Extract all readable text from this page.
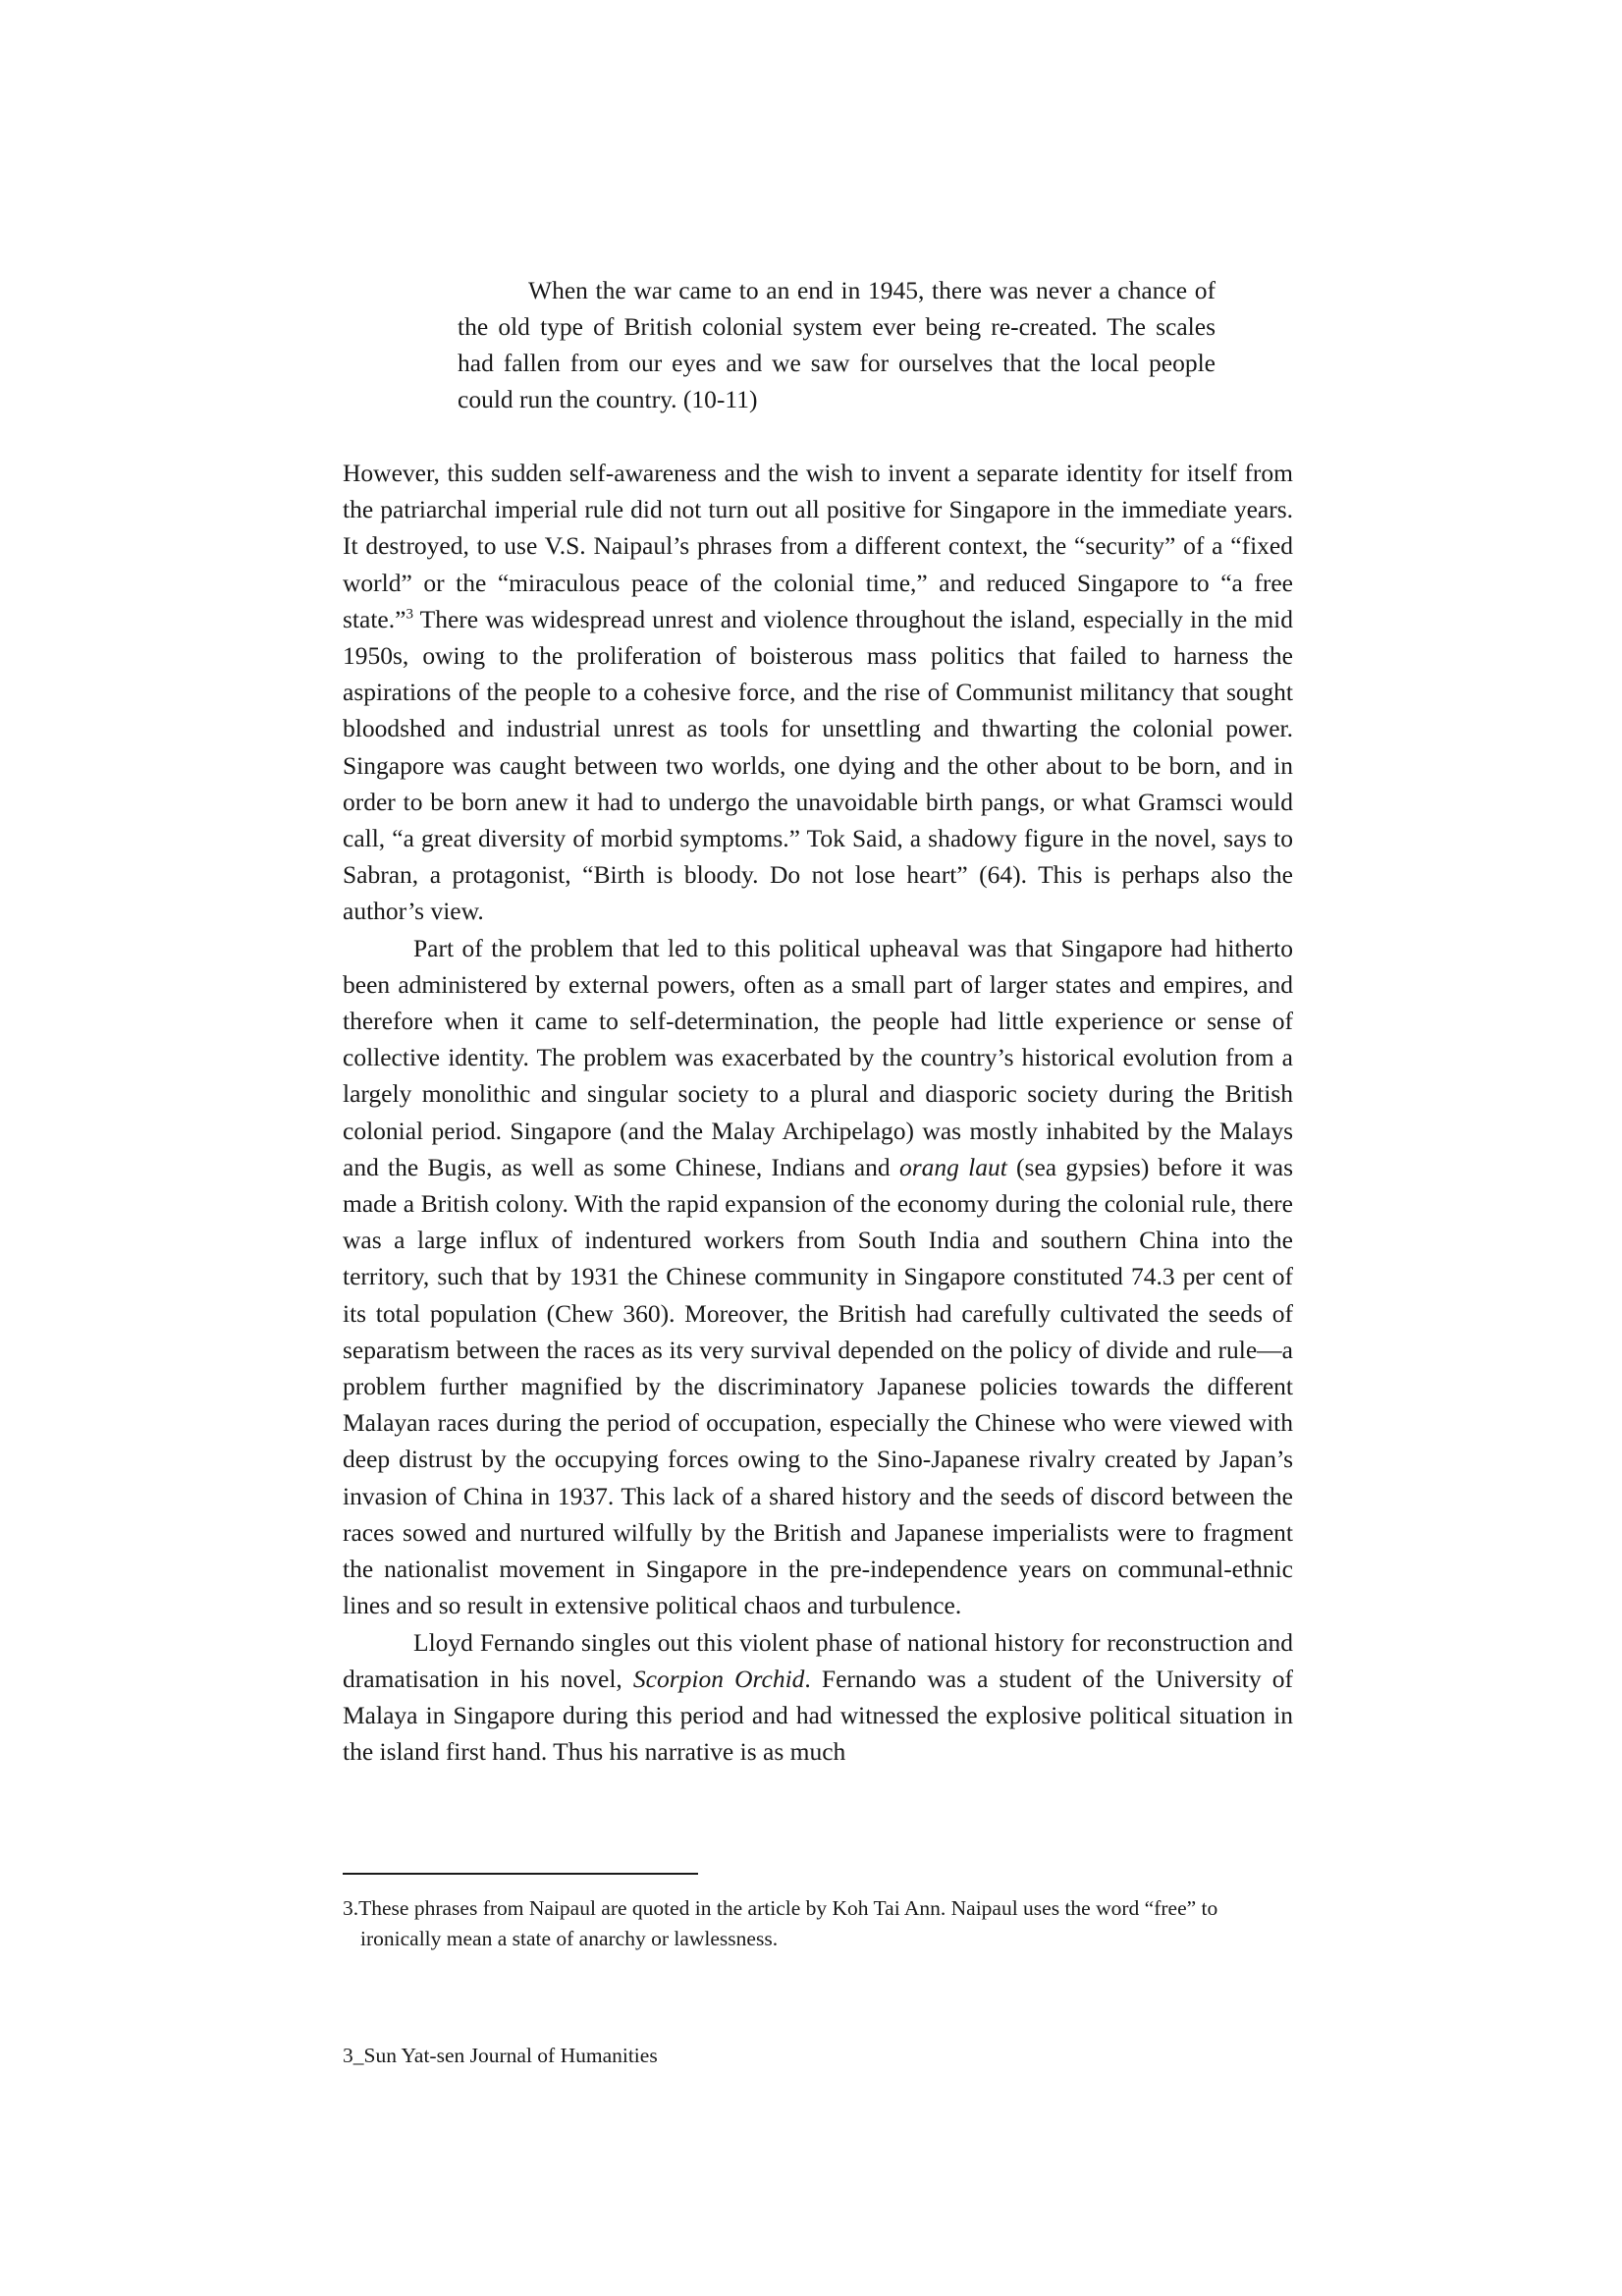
When the war came to an end in 1945, there was never a chance of the old type of British colonial system ever being re-created. The scales had fallen from our eyes and we saw for ourselves that the local people could run the country. (10-11)

However, this sudden self-awareness and the wish to invent a separate identity for itself from the patriarchal imperial rule did not turn out all positive for Singapore in the immediate years. It destroyed, to use V.S. Naipaul’s phrases from a different context, the “security” of a “fixed world” or the “miraculous peace of the colonial time,” and reduced Singapore to “a free state.”$^3$ There was widespread unrest and violence throughout the island, especially in the mid 1950s, owing to the proliferation of boisterous mass politics that failed to harness the aspirations of the people to a cohesive force, and the rise of Communist militancy that sought bloodshed and industrial unrest as tools for unsettling and thwarting the colonial power. Singapore was caught between two worlds, one dying and the other about to be born, and in order to be born anew it had to undergo the unavoidable birth pangs, or what Gramsci would call, “a great diversity of morbid symptoms.” Tok Said, a shadowy figure in the novel, says to Sabran, a protagonist, “Birth is bloody. Do not lose heart” (64). This is perhaps also the author’s view.

Part of the problem that led to this political upheaval was that Singapore had hitherto been administered by external powers, often as a small part of larger states and empires, and therefore when it came to self-determination, the people had little experience or sense of collective identity. The problem was exacerbated by the country’s historical evolution from a largely monolithic and singular society to a plural and diasporic society during the British colonial period. Singapore (and the Malay Archipelago) was mostly inhabited by the Malays and the Bugis, as well as some Chinese, Indians and orang laut (sea gypsies) before it was made a British colony. With the rapid expansion of the economy during the colonial rule, there was a large influx of indentured workers from South India and southern China into the territory, such that by 1931 the Chinese community in Singapore constituted 74.3 per cent of its total population (Chew 360). Moreover, the British had carefully cultivated the seeds of separatism between the races as its very survival depended on the policy of divide and rule—a problem further magnified by the discriminatory Japanese policies towards the different Malayan races during the period of occupation, especially the Chinese who were viewed with deep distrust by the occupying forces owing to the Sino-Japanese rivalry created by Japan’s invasion of China in 1937. This lack of a shared history and the seeds of discord between the races sowed and nurtured wilfully by the British and Japanese imperialists were to fragment the nationalist movement in Singapore in the pre-independence years on communal-ethnic lines and so result in extensive political chaos and turbulence.

Lloyd Fernando singles out this violent phase of national history for reconstruction and dramatisation in his novel, Scorpion Orchid. Fernando was a student of the University of Malaya in Singapore during this period and had witnessed the explosive political situation in the island first hand. Thus his narrative is as much

3.These phrases from Naipaul are quoted in the article by Koh Tai Ann. Naipaul uses the word “free” to ironically mean a state of anarchy or lawlessness.
3_Sun Yat-sen Journal of Humanities
